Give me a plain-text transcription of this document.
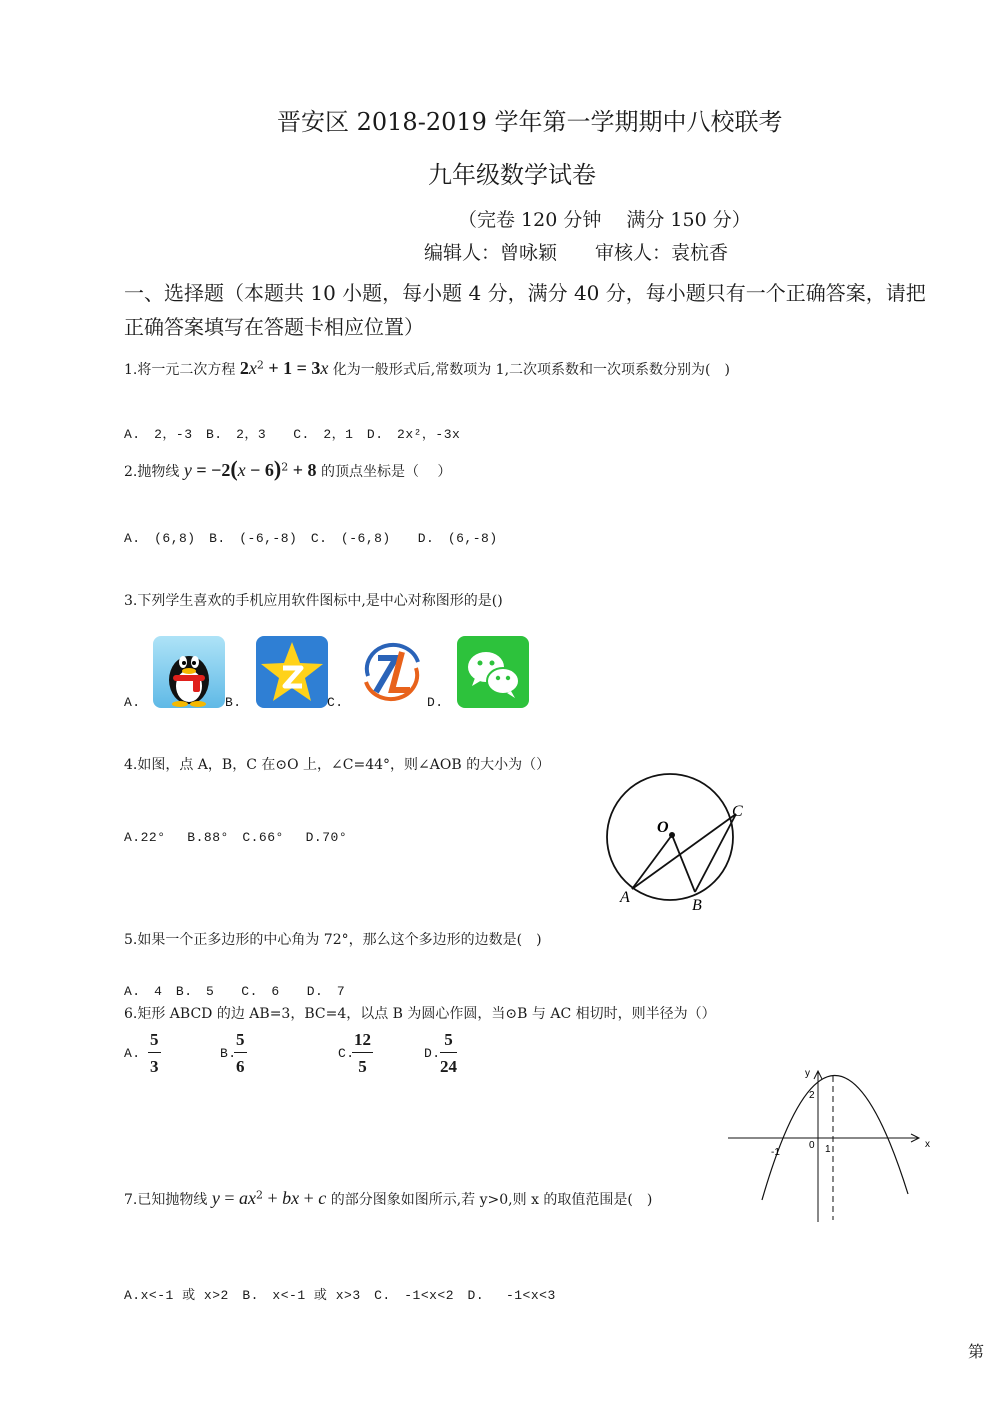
晋安区 2018-2019 学年第一学期期中八校联考
九年级数学试卷
（完卷 120 分钟　 满分 150 分）
编辑人：曾咏颖　　审核人：袁杭香
一、选择题（本题共 10 小题，每小题 4 分，满分 40 分，每小题只有一个正确答案，请把
正确答案填写在答题卡相应位置）
1.将一元二次方程 $2x^2 + 1 = 3x$ 化为一般形式后,常数项为 1,二次项系数和一次项系数分别为(　)
A.　2，-3　B.　2，3　　C.　2，1　D.　2x²，-3x
2.抛物线 $y = -2(x - 6)^2 + 8$ 的顶点坐标是（　 ）
A.　(6,8)　B.　(-6,-8)　C.　(-6,8)　　D.　(6,-8)
3.下列学生喜欢的手机应用软件图标中,是中心对称图形的是()
A.	B.	C.	D.
4.如图，点 A，B，C 在⊙O 上，∠C=44°，则∠AOB 的大小为（）
A.22°　 B.88°　C.66°　 D.70°
O
A	B
C
5.如果一个正多边形的中心角为 72°，那么这个多边形的边数是(　)
A.　4　B.　5　　C.　6　　D.　7
6.矩形 ABCD 的边 AB=3，BC=4，以点 B 为圆心作圆，当⊙B 与 AC 相切时，则半径为（）
A. $\frac{5}{3}$	B.
$\frac{5}{6}$	C.
$\frac{12}{5}$	D. $\frac{5}{24}$	y
x
0
-1	1
2
7.已知抛物线 $y = ax^2$ + bx + c 的部分图象如图所示,若 y>0,则 x 的取值范围是(　)
A.x<-1 或 x>2　B.　x<-1 或 x>3　C.　-1<x<2　D.　 -1<x<3
第
